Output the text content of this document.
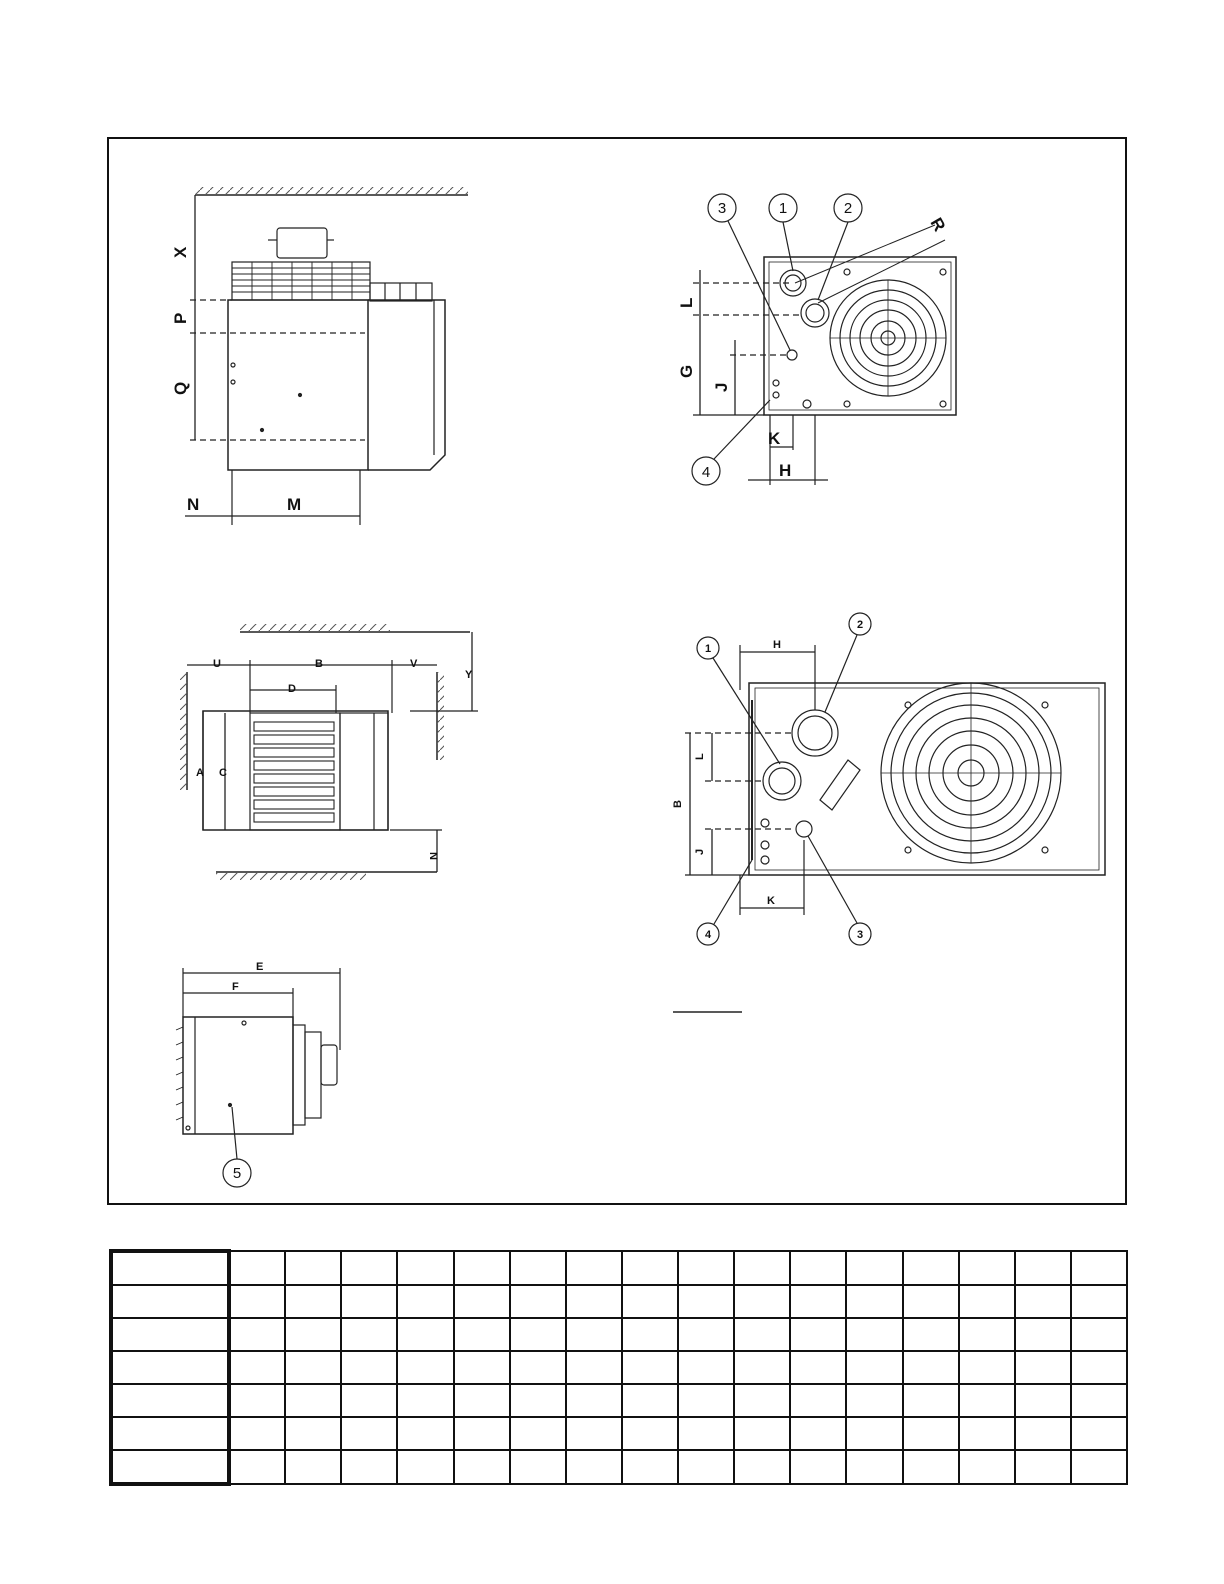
X
P
Q
N	M
3	1	2
4
R
L
G
J
K
H
U	B	V
D
Y
A C
N
E
F
5
1
2
3
4
H
L
B
J
K
